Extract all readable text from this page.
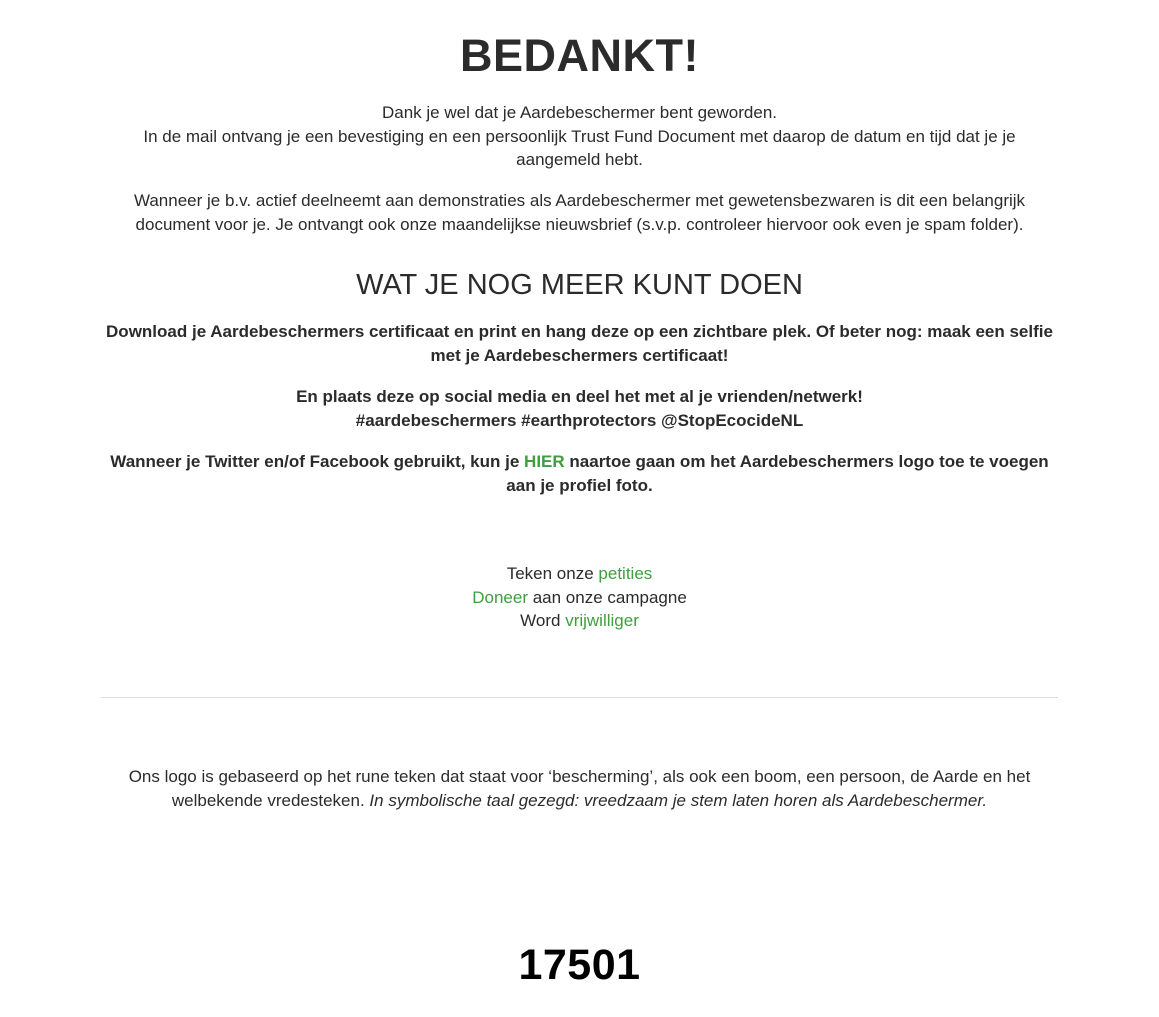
BEDANKT!

Dank je wel dat je Aardebeschermer bent geworden.
In de mail ontvang je een bevestiging en een persoonlijk Trust Fund Document met daarop de datum en tijd dat je je aangemeld hebt.

Wanneer je b.v. actief deelneemt aan demonstraties als Aardebeschermer met gewetensbezwaren is dit een belangrijk document voor je. Je ontvangt ook onze maandelijkse nieuwsbrief (s.v.p. controleer hiervoor ook even je spam folder).

WAT JE NOG MEER KUNT DOEN

Download je Aardebeschermers certificaat en print en hang deze op een zichtbare plek. Of beter nog: maak een selfie met je Aardebeschermers certificaat!

En plaats deze op social media en deel het met al je vrienden/netwerk!
#aardebeschermers #earthprotectors @StopEcocideNL

Wanneer je Twitter en/of Facebook gebruikt, kun je HIER naartoe gaan om het Aardebeschermers logo toe te voegen aan je profiel foto.

Teken onze petities
Doneer aan onze campagne
Word vrijwilliger

Ons logo is gebaseerd op het rune teken dat staat voor ‘bescherming’, als ook een boom, een persoon, de Aarde en het welbekende vredesteken. In symbolische taal gezegd: vreedzaam je stem laten horen als Aardebeschermer.

17501
